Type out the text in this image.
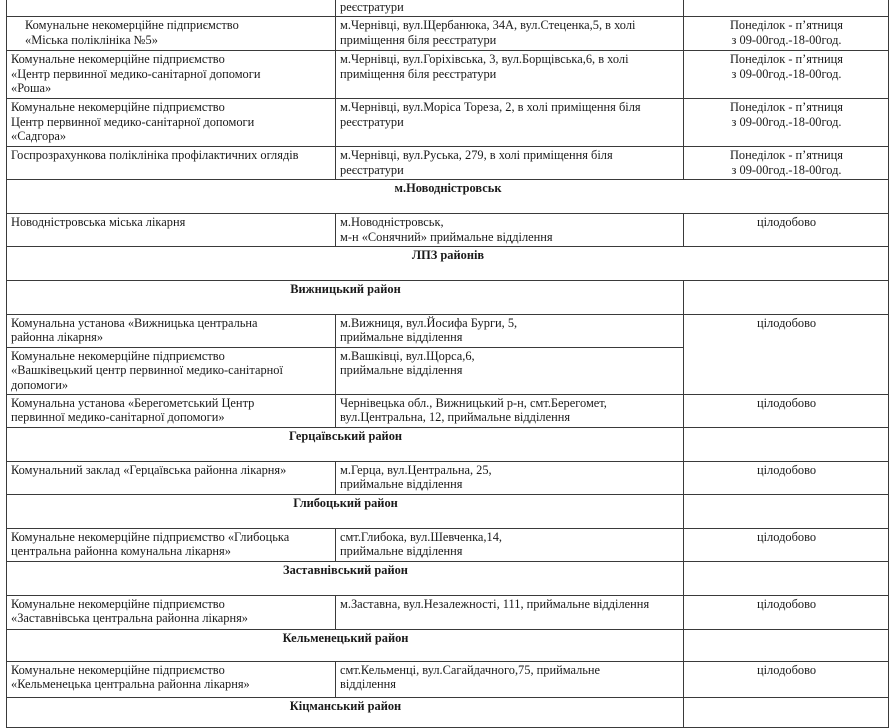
	реєстратури	

Комунальне некомерційне підприємство
«Міська поліклініка №5»	м.Чернівці, вул.Щербанюка, 34А, вул.Стеценка,5, в холі
приміщення біля реєстратури	Понеділок - п’ятниця
з 09-00год.-18-00год.

Комунальне некомерційне підприємство
«Центр первинної медико-санітарної допомоги
«Роша»	м.Чернівці, вул.Горіхівська, 3, вул.Борщівська,6, в холі
приміщення біля реєстратури	Понеділок - п’ятниця
з 09-00год.-18-00год.

Комунальне некомерційне підприємство
Центр первинної медико-санітарної допомоги
«Садгора»	м.Чернівці, вул.Моріса Тореза, 2, в холі приміщення біля
реєстратури	Понеділок - п’ятниця
з 09-00год.-18-00год.

Госпрозрахункова поліклініка профілактичних оглядів	м.Чернівці, вул.Руська, 279, в холі приміщення біля
реєстратури	Понеділок - п’ятниця
з 09-00год.-18-00год.

м.Новодністровськ		

Новодністровська міська лікарня	м.Новодністровськ,
м-н «Сонячний» приймальне відділення	цілодобово

ЛПЗ районів		
Вижницький район		

Комунальна установа «Вижницька центральна
районна лікарня»	м.Вижниця, вул.Йосифа Бурги, 5,
приймальне відділення	цілодобово

Комунальне некомерційне підприємство
«Вашківецький центр первинної медико-санітарної
допомоги»	м.Вашківці, вул.Щорса,6,
приймальне відділення	

Комунальна установа «Берегометський Центр
первинної медико-санітарної допомоги»	Чернівецька обл., Вижницький р-н, смт.Берегомет,
вул.Центральна, 12, приймальне відділення	цілодобово

Герцаївський район		

Комунальний заклад «Герцаївська районна лікарня»	м.Герца, вул.Центральна, 25,
приймальне відділення	цілодобово

Глибоцький район		

Комунальне некомерційне підприємство «Глибоцька
центральна районна комунальна лікарня»	смт.Глибока, вул.Шевченка,14,
приймальне відділення	цілодобово

Заставнівський район		

Комунальне некомерційне підприємство
«Заставнівська центральна районна лікарня»	м.Заставна, вул.Незалежності, 111, приймальне відділення	цілодобово

Кельменецький район		

Комунальне некомерційне підприємство
«Кельменецька центральна районна лікарня»	смт.Кельменці, вул.Сагайдачного,75, приймальне
відділення	цілодобово

Кіцманський район		
